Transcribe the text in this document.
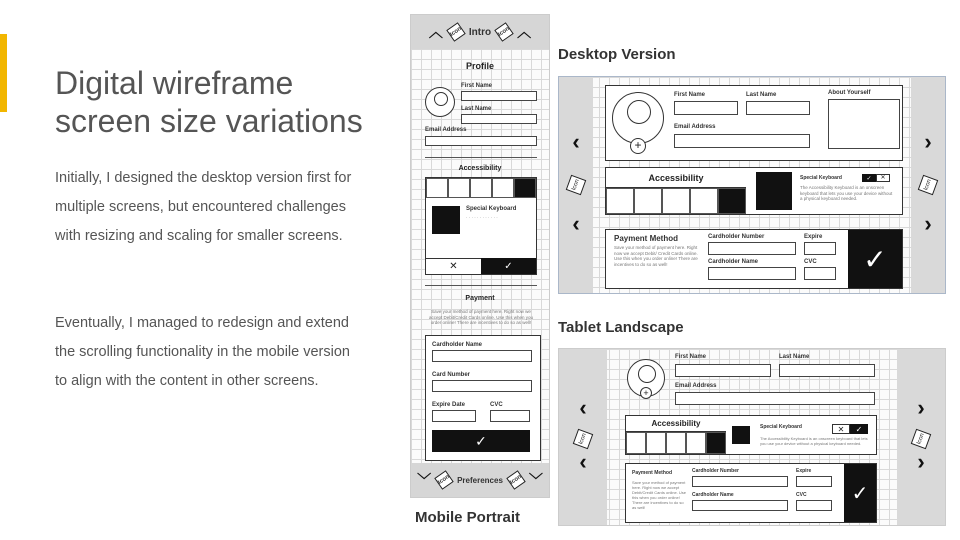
Digital wireframe screen size variations

Initially, I designed the desktop version first for multiple screens, but encountered challenges with resizing and scaling for smaller screens.

Eventually, I managed to redesign and extend the scrolling functionality in the mobile version to align with the content in other screens.

Desktop Version
Tablet Landscape
Mobile Portrait
︿	Icon Intro	Icon ︿
Profile
First Name
Last Name
Email Address
Accessibility
Special Keyboard
· · · · · · · · · · · ·
✕	✓
Payment
Save your method of payment here. Right now we accept Debit/Credit Cards online. Use this when you order online! There are incentives to do so as well!
Cardholder Name
Card Number
Expire Date	CVC
✓
﹀	Icon Preferences	Icon ﹀
‹
Icon
‹
›
Icon
›
+
First Name	Last Name	About Yourself
Email Address
Accessibility	Special Keyboard	✓	✕
The Accessibility Keyboard is an onscreen keyboard that lets you use your device without a physical keyboard needed.
Payment Method
Save your method of payment here. Right now we accept Debit/ Credit Cards online. Use this when you order online! There are incentives to do so as well!
Cardholder Number	Expire
Cardholder Name	CVC	✓
‹
Icon
‹
›
Icon
›
+
First Name	Last Name
Email Address
Accessibility	Special Keyboard	✕	✓
The Accessibility Keyboard is an onscreen keyboard that lets you use your device without a physical keyboard needed.
Payment Method
Save your method of payment here. Right now we accept Debit/Credit Cards online. Use this when you order online! There are incentives to do so as well!
Cardholder Number	Expire
Cardholder Name	CVC	✓
